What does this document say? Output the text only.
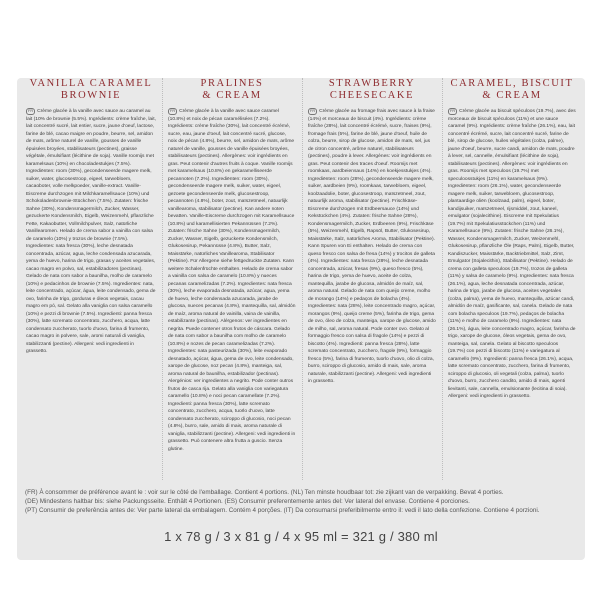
VANILLA CARAMEL
BROWNIE
FR Crème glacée à la vanille avec sauce au caramel au lait (10% de brownie (5.5%). Ingrédients: crème fraîche, lait, lait concentré sucré, lait entier, sucre, jaune d'oeuf, lactose, farine de blé, cacao maigre en poudre, beurre, sel, amidon de maïs, arôme naturel de vanille, gousses de vanille épuisées broyées, stabilisateurs (pectines), graisse végétale, émulsifiant (lécithine de soja). Vanille roomijs met karamelsaus (10%) en chocoladestukjes (7.5%). Ingrediënten: room (30%), gecondenseerde magere melk, suiker, water, glucosestroop, eigeel, tarwebloem, cacaoboter, volle melkpoeder, vanille-extract. Vanille-Eiscreme durchzogen mit Milchkaramellsauce (10%) und Schokoladenbrownie-Stückchen (7.5%). Zutaten: frische Sahne (30%), Kondensmagermilch, Zucker, Wasser, gezuckerte Kondensmilch, Eigelb, Weizenmehl, pflanzliche Fette, Kakaobutter, Vollmilchpulver, Salz, natürliche Vanillearomen. Helado de crema sabor a vainilla con salsa de caramelo (10%) y trozos de brownie (7.5%). Ingredientes: nata fresca (30%), leche desnatada concentrada, azúcar, agua, leche condensada azucarada, yema de huevo, harina de trigo, grasas y aceites vegetales, cacao magro en polvo, sal, estabilizadores (pectinas). Gelado de nata com sabor a baunilha, molho de caramelo (10%) e pedacinhos de brownie (7.5%). Ingredientes: nata, leite concentrado, açúcar, água, leite condensado, gema de ovo, farinha de trigo, gorduras e óleos vegetais, cacau magro em pó, sal. Gelato alla vaniglia con salsa caramello (10%) e pezzi di brownie (7.5%). Ingredienti: panna fresca (30%), latte scremato concentrato, zucchero, acqua, latte condensato zuccherato, tuorlo d'uovo, farina di frumento, cacao magro in polvere, sale, aromi naturali di vaniglia, stabilizzanti (pectine). Allergeni: vedi ingredienti in grassetto.
PRALINES
& CREAM
FR Crème glacée à la vanille avec sauce caramel (10.8%) et noix de pécan caramélisées (7.2%). Ingrédients: crème fraîche (30%), lait concentré écrémé, sucre, eau, jaune d'oeuf, lait concentré sucré, glucose, noix de pécan (4.8%), beurre, sel, amidon de maïs, arôme naturel de vanille, gousses de vanille épuisées broyées, stabilisateurs (pectines). Allergènes: voir ingrédients en gras. Peut contenir d'autres fruits à coque. Vanille roomijs met karamelsaus (10.8%) en gekaramelliseerde pecannoten (7.2%). Ingrediënten: room (30%), gecondenseerde magere melk, suiker, water, eigeel, gezoete gecondenseerde melk, glucosestroop, pecannoten (4.8%), boter, zout, maïszetmeel, natuurlijk vanillearoma, stabilisator (pectine). Kan andere noten bevatten. Vanille-Eiscreme durchzogen mit Karamellsauce (10.8%) und karamellisierten Pekannüssen (7.2%). Zutaten: frische Sahne (30%), Kondensmagermilch, Zucker, Wasser, Eigelb, gezuckerte Kondensmilch, Glukosesirup, Pekannüsse (4.8%), Butter, Salz, Maisstärke, natürliches Vanillearoma, Stabilisator (Pektine). Für Allergene siehe fettgedruckte Zutaten. Kann weitere Schalenfrüchte enthalten. Helado de crema sabor a vainilla con salsa de caramelo (10.8%) y nueces pecanas caramelizadas (7.2%). Ingredientes: nata fresca (30%), leche evaporada desnatada, azúcar, agua, yema de huevo, leche condensada azucarada, jarabe de glucosa, nueces pecanas (4.8%), mantequilla, sal, almidón de maíz, aroma natural de vainilla, vaina de vainilla, estabilizante (pectinas). Alérgenos: ver ingredientes en negrita. Puede contener otros frutos de cáscara. Gelado de nata com sabor a baunilha com molho de caramelo (10.8%) e nozes de pecan caramelizadas (7.2%). Ingredientes: nata pasteurizada (30%), leite evaporado desnatado, açúcar, água, gema de ovo, leite condensado, xarope de glucose, noz pecan (4.8%), manteiga, sal, aroma natural de baunilha, estabilizador (pectinas). Alergénios: ver ingredientes a negrito. Pode conter outros frutos de casca rija. Gelato alla vaniglia con variegatura caramello (10.8%) e noci pecan caramellate (7.2%). Ingredienti: panna fresca (30%), latte scremato concentrato, zucchero, acqua, tuorlo d'uovo, latte condensato zuccherato, sciroppo di glucosio, noci pecan (4.8%), burro, sale, amido di mais, aroma naturale di vaniglia, stabilizzanti (pectine). Allergeni: vedi ingredienti in grassetto. Può contenere altra frutta a guscio. Senza glutine.
STRAWBERRY
CHEESECAKE
FR Crème glacée au fromage frais avec sauce à la fraise (14%) et morceaux de biscuit (4%). Ingrédients: crème fraîche (28%), lait concentré écrémé, sucre, fraises (9%), fromage frais (5%), farine de blé, jaune d'oeuf, huile de colza, beurre, sirop de glucose, amidon de maïs, sel, jus de citron concentré, arôme naturel, stabilisateurs (pectines), poudre à lever. Allergènes: voir ingrédients en gras. Peut contenir des traces d'oeuf. Roomijs met roomkaas, aardbeiensaus (14%) en koekjesstukjes (4%). Ingrediënten: room (28%), gecondenseerde magere melk, suiker, aardbeien (9%), roomkaas, tarwebloem, eigeel, koolzaadolie, boter, glucosestroop, maïszetmeel, zout, natuurlijk aroma, stabilisator (pectine). Frischkäse-Eiscreme durchzogen mit Erdbeersauce (14%) und Kekstückchen (4%). Zutaten: frische Sahne (28%), Kondensmagermilch, Zucker, Erdbeeren (9%), Frischkäse (5%), Weizenmehl, Eigelb, Rapsöl, Butter, Glukosesirup, Maisstärke, Salz, natürliches Aroma, Stabilisator (Pektine). Kann Spuren von Ei enthalten. Helado de crema con queso fresco con salsa de fresa (14%) y trocitos de galleta (4%). Ingredientes: nata fresca (28%), leche desnatada concentrada, azúcar, fresas (9%), queso fresco (5%), harina de trigo, yema de huevo, aceite de colza, mantequilla, jarabe de glucosa, almidón de maíz, sal, aroma natural. Gelado de nata com queijo creme, molho de morango (14%) e pedaços de bolacha (4%). Ingredientes: nata (28%), leite concentrado magro, açúcar, morangos (9%), queijo creme (5%), farinha de trigo, gema de ovo, óleo de colza, manteiga, xarope de glucose, amido de milho, sal, aroma natural. Pode conter ovo. Gelato al formaggio fresco con salsa di fragole (14%) e pezzi di biscotto (4%). Ingredienti: panna fresca (28%), latte scremato concentrato, zucchero, fragole (9%), formaggio fresco (5%), farina di frumento, tuorlo d'uovo, olio di colza, burro, sciroppo di glucosio, amido di mais, sale, aroma naturale, stabilizzanti (pectine). Allergeni: vedi ingredienti in grassetto.
CARAMEL, BISCUIT
& CREAM
FR Crème glacée au biscuit spéculoos (19.7%), avec des morceaux de biscuit spéculoos (11%) et une sauce caramel (9%). Ingrédients: crème fraîche (26.1%), eau, lait concentré écrémé, sucre, lait concentré sucré, farine de blé, sirop de glucose, huiles végétales (colza, palme), jaune d'oeuf, beurre, sucre candi, amidon de maïs, poudre à lever, sel, cannelle, émulsifiant (lécithine de soja), stabilisateurs (pectines). Allergènes: voir ingrédients en gras. Roomijs met speculoos (19.7%) met speculoosstukjes (11%) en karamelsaus (9%). Ingrediënten: room (26.1%), water, gecondenseerde magere melk, suiker, tarwebloem, glucosestroop, plantaardige oliën (koolzaad, palm), eigeel, boter, kandijsuiker, maïszetmeel, rijsmiddel, zout, kaneel, emulgator (sojalecithine). Eiscreme mit Spekulatius (19.7%) mit Spekulatiusstückchen (11%) und Karamellsauce (9%). Zutaten: frische Sahne (26.1%), Wasser, Kondensmagermilch, Zucker, Weizenmehl, Glukosesirup, pflanzliche Öle (Raps, Palm), Eigelb, Butter, Kandiszucker, Maisstärke, Backtriebmittel, Salz, Zimt, Emulgator (Sojalecithin), Stabilisator (Pektine). Helado de crema con galleta speculoos (19.7%), trozos de galleta (11%) y salsa de caramelo (9%). Ingredientes: nata fresca (26.1%), agua, leche desnatada concentrada, azúcar, harina de trigo, jarabe de glucosa, aceites vegetales (colza, palma), yema de huevo, mantequilla, azúcar candi, almidón de maíz, gasificante, sal, canela. Gelado de nata com bolacha speculoos (19.7%), pedaços de bolacha (11%) e molho de caramelo (9%). Ingredientes: nata (26.1%), água, leite concentrado magro, açúcar, farinha de trigo, xarope de glucose, óleos vegetais, gema de ovo, manteiga, sal, canela. Gelato al biscotto speculoos (19.7%) con pezzi di biscotto (11%) e variegatura al caramello (9%). Ingredienti: panna fresca (26.1%), acqua, latte scremato concentrato, zucchero, farina di frumento, sciroppo di glucosio, oli vegetali (colza, palma), tuorlo d'uovo, burro, zucchero candito, amido di mais, agenti lievitanti, sale, cannella, emulsionante (lecitina di soia). Allergeni: vedi ingredienti in grassetto.
(FR) À consommer de préférence avant le : voir sur le côté de l'emballage. Contient 4 portions. (NL) Ten minste houdbaar tot: zie zijkant van de verpakking. Bevat 4 porties.
(DE) Mindestens haltbar bis: siehe Packungsseite. Enthält 4 Portionen. (ES) Consumir preferentemente antes del: Ver lateral del envase. Contiene 4 porciones.
(PT) Consumir de preferência antes de: Ver parte lateral da embalagem. Contém 4 porções. (IT) Da consumarsi preferibilmente entro il: vedi il lato della confezione. Contiene 4 porzioni.
1 x 78 g / 3 x 81 g / 4 x 95 ml = 321 g / 380 ml
